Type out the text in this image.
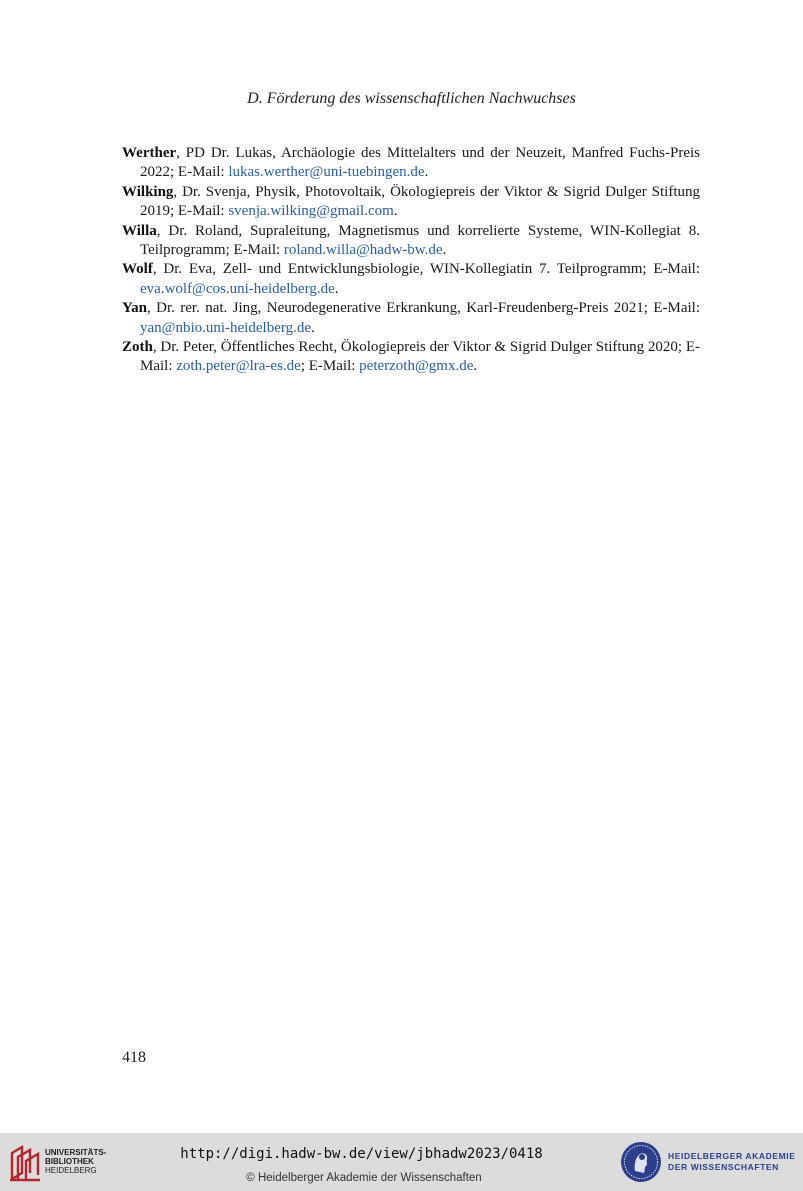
D. Förderung des wissenschaftlichen Nachwuchses

Werther, PD Dr. Lukas, Archäologie des Mittelalters und der Neuzeit, Manfred Fuchs-Preis 2022; E-Mail: lukas.werther@uni-tuebingen.de.

Wilking, Dr. Svenja, Physik, Photovoltaik, Ökologiepreis der Viktor & Sigrid Dulger Stiftung 2019; E-Mail: svenja.wilking@gmail.com.

Willa, Dr. Roland, Supraleitung, Magnetismus und korrelierte Systeme, WIN-Kollegiat 8. Teilprogramm; E-Mail: roland.willa@hadw-bw.de.

Wolf, Dr. Eva, Zell- und Entwicklungsbiologie, WIN-Kollegiatin 7. Teilprogramm; E-Mail: eva.wolf@cos.uni-heidelberg.de.

Yan, Dr. rer. nat. Jing, Neurodegenerative Erkrankung, Karl-Freudenberg-Preis 2021; E-Mail: yan@nbio.uni-heidelberg.de.

Zoth, Dr. Peter, Öffentliches Recht, Ökologiepreis der Viktor & Sigrid Dulger Stiftung 2020; E-Mail: zoth.peter@lra-es.de; E-Mail: peterzoth@gmx.de.

418
UNIVERSITÄTS-
BIBLIOTHEK
HEIDELBERG
http://digi.hadw-bw.de/view/jbhadw2023/0418
© Heidelberger Akademie der Wissenschaften
HEIDELBERGER AKADEMIE
DER WISSENSCHAFTEN
